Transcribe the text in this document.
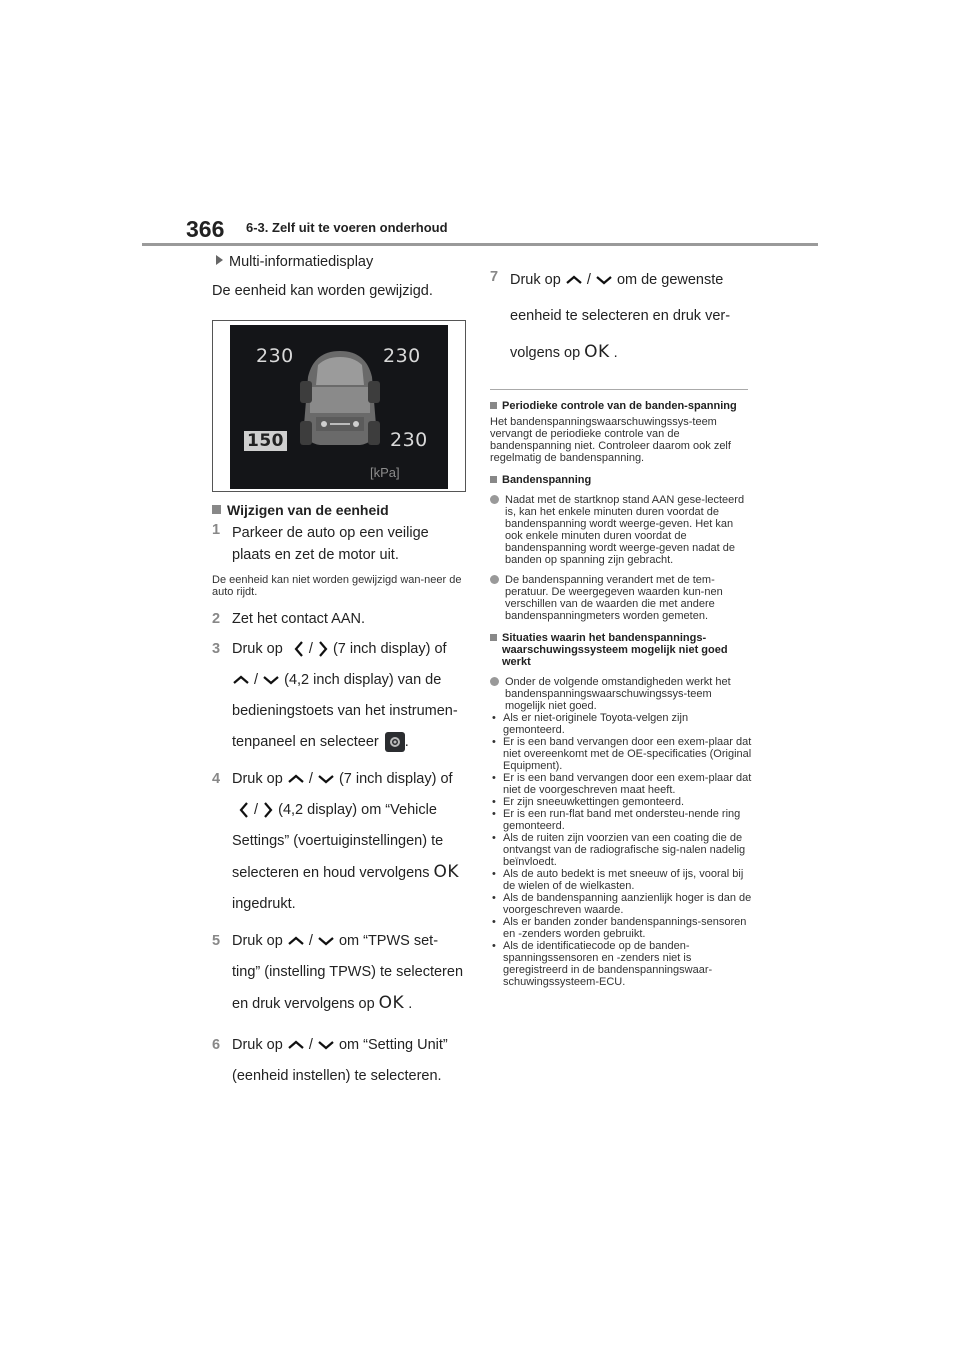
366 6-3. Zelf uit te voeren onderhoud
Multi-informatiedisplay

De eenheid kan worden gewijzigd.

230	230
150	230
[kPa]
Wijzigen van de eenheid
1 Parkeer de auto op een veilige
plaats en zet de motor uit.

De eenheid kan niet worden gewijzigd wan-neer de auto rijdt.

2 Zet het contact AAN.
3 Druk op / (7 inch display) of
/ (4,2 inch display) van de
bedieningstoets van het instrumen-
tenpaneel en selecteer .
4 Druk op / (7 inch display) of
/ (4,2 display) om “Vehicle
Settings” (voertuiginstellingen) te
selecteren en houd vervolgens OK
ingedrukt.
5 Druk op / om “TPWS set-
ting” (instelling TPWS) te selecteren
en druk vervolgens op OK .
6 Druk op / om “Setting Unit”
(eenheid instellen) te selecteren.
7 Druk op / om de gewenste
eenheid te selecteren en druk ver-
volgens op OK .
Periodieke controle van de banden-spanning

Het bandenspanningswaarschuwingssys-teem vervangt de periodieke controle van de bandenspanning niet. Controleer daarom ook zelf regelmatig de bandenspanning.

Bandenspanning
Nadat met de startknop stand AAN gese-lecteerd is, kan het enkele minuten duren voordat de bandenspanning wordt weerge-geven. Het kan ook enkele minuten duren voordat de bandenspanning wordt weerge-geven nadat de banden op spanning zijn gebracht.
De bandenspanning verandert met de tem-peratuur. De weergegeven waarden kun-nen verschillen van de waarden die met andere bandenspanningmeters worden gemeten.
Situaties waarin het bandenspannings-waarschuwingssysteem mogelijk niet goed werkt
Onder de volgende omstandigheden werkt het bandenspanningswaarschuwingssys-teem mogelijk niet goed.
• Als er niet-originele Toyota-velgen zijn gemonteerd.
• Er is een band vervangen door een exem-plaar dat niet overeenkomt met de OE-specificaties (Original Equipment).
• Er is een band vervangen door een exem-plaar dat niet de voorgeschreven maat heeft.
• Er zijn sneeuwkettingen gemonteerd.
• Er is een run-flat band met ondersteu-nende ring gemonteerd.
• Als de ruiten zijn voorzien van een coating die de ontvangst van de radiografische sig-nalen nadelig beïnvloedt.
• Als de auto bedekt is met sneeuw of ijs, vooral bij de wielen of de wielkasten.
• Als de bandenspanning aanzienlijk hoger is dan de voorgeschreven waarde.
• Als er banden zonder bandenspannings-sensoren en -zenders worden gebruikt.
• Als de identificatiecode op de banden-spanningssensoren en -zenders niet is geregistreerd in de bandenspanningswaar-schuwingssysteem-ECU.
